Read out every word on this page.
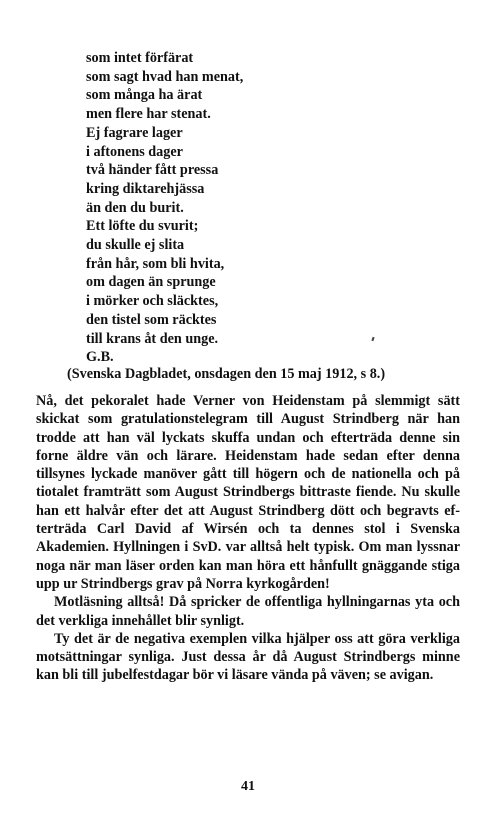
som intet förfärat
som sagt hvad han menat,
som många ha ärat
men flere har stenat.
Ej fagrare lager
i aftonens dager
två händer fått pressa
kring diktarehjässa
än den du burit.
Ett löfte du svurit;
du skulle ej slita
från hår, som bli hvita,
om dagen än sprunge
i mörker och släcktes,
den tistel som räcktes
till krans åt den unge.
G.B.
(Svenska Dagbladet, onsdagen den 15 maj 1912, s 8.)

Nå, det pekoralet hade Verner von Heidenstam på slemmigt sätt skickat som gratulationstelegram till August Strindberg när han trodde att han väl lyckats skuffa undan och efterträda denne sin forne äldre vän och lärare. Heidenstam hade sedan efter denna tillsynes lyckade manöver gått till högern och de nationella och på tiotalet framträtt som August Strindbergs bittraste fiende. Nu skulle han ett halvår efter det att August Strindberg dött och begravts efterträda Carl David af Wirsén och ta dennes stol i Svenska Akademien. Hyllningen i SvD. var alltså helt typisk. Om man lyssnar noga när man läser orden kan man höra ett hånfullt gnäggande stiga upp ur Strindbergs grav på Norra kyrkogården!

Motläsning alltså! Då spricker de offentliga hyllningarnas yta och det verkliga innehållet blir synligt.

Ty det är de negativa exemplen vilka hjälper oss att göra verkliga motsättningar synliga. Just dessa år då August Strindbergs minne kan bli till jubelfestdagar bör vi läsare vända på väven; se avigan.

41
